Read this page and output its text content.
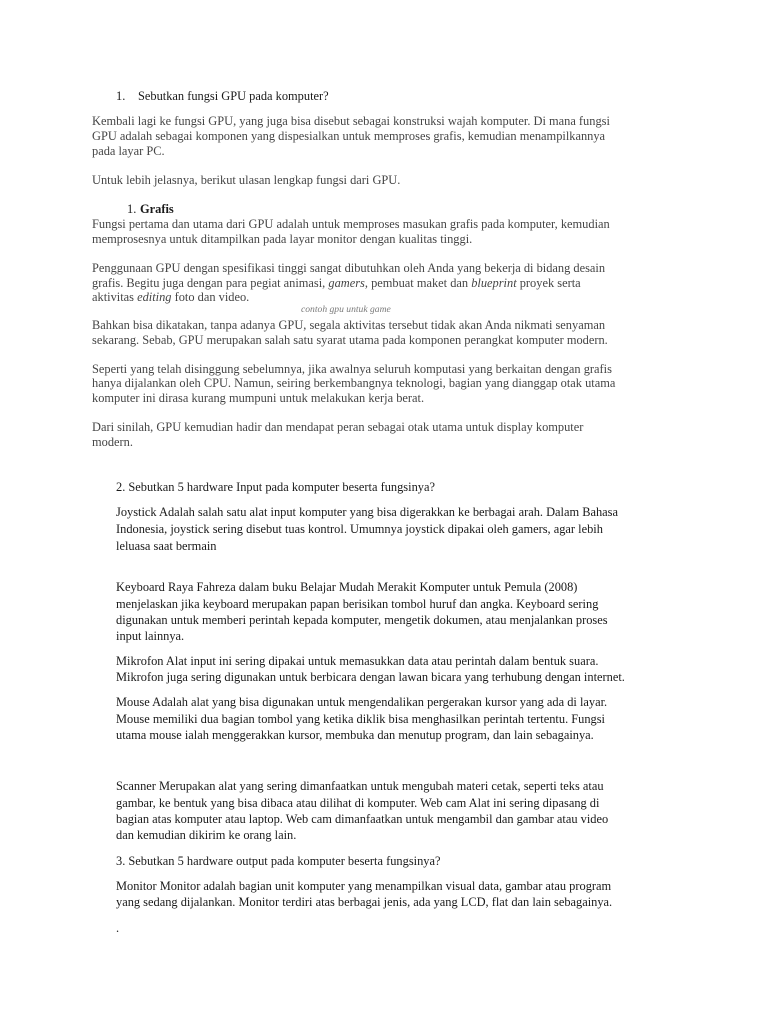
1. Sebutkan fungsi GPU pada komputer?
Kembali lagi ke fungsi GPU, yang juga bisa disebut sebagai konstruksi wajah komputer. Di mana fungsi
GPU adalah sebagai komponen yang dispesialkan untuk memproses grafis, kemudian menampilkannya
pada layar PC.
Untuk lebih jelasnya, berikut ulasan lengkap fungsi dari GPU.
1. Grafis
Fungsi pertama dan utama dari GPU adalah untuk memproses masukan grafis pada komputer, kemudian
memprosesnya untuk ditampilkan pada layar monitor dengan kualitas tinggi.
Penggunaan GPU dengan spesifikasi tinggi sangat dibutuhkan oleh Anda yang bekerja di bidang desain
grafis. Begitu juga dengan para pegiat animasi, gamers, pembuat maket dan blueprint proyek serta
aktivitas editing foto dan video.
contoh gpu untuk game
Bahkan bisa dikatakan, tanpa adanya GPU, segala aktivitas tersebut tidak akan Anda nikmati senyaman
sekarang. Sebab, GPU merupakan salah satu syarat utama pada komponen perangkat komputer modern.
Seperti yang telah disinggung sebelumnya, jika awalnya seluruh komputasi yang berkaitan dengan grafis
hanya dijalankan oleh CPU. Namun, seiring berkembangnya teknologi, bagian yang dianggap otak utama
komputer ini dirasa kurang mumpuni untuk melakukan kerja berat.
Dari sinilah, GPU kemudian hadir dan mendapat peran sebagai otak utama untuk display komputer
modern.
2. Sebutkan 5 hardware Input pada komputer beserta fungsinya?
Joystick Adalah salah satu alat input komputer yang bisa digerakkan ke berbagai arah. Dalam Bahasa
Indonesia, joystick sering disebut tuas kontrol. Umumnya joystick dipakai oleh gamers, agar lebih
leluasa saat bermain
Keyboard Raya Fahreza dalam buku Belajar Mudah Merakit Komputer untuk Pemula (2008)
menjelaskan jika keyboard merupakan papan berisikan tombol huruf dan angka. Keyboard sering
digunakan untuk memberi perintah kepada komputer, mengetik dokumen, atau menjalankan proses
input lainnya.
Mikrofon Alat input ini sering dipakai untuk memasukkan data atau perintah dalam bentuk suara.
Mikrofon juga sering digunakan untuk berbicara dengan lawan bicara yang terhubung dengan internet.
Mouse Adalah alat yang bisa digunakan untuk mengendalikan pergerakan kursor yang ada di layar.
Mouse memiliki dua bagian tombol yang ketika diklik bisa menghasilkan perintah tertentu. Fungsi
utama mouse ialah menggerakkan kursor, membuka dan menutup program, dan lain sebagainya.
Scanner Merupakan alat yang sering dimanfaatkan untuk mengubah materi cetak, seperti teks atau
gambar, ke bentuk yang bisa dibaca atau dilihat di komputer. Web cam Alat ini sering dipasang di
bagian atas komputer atau laptop. Web cam dimanfaatkan untuk mengambil dan gambar atau video
dan kemudian dikirim ke orang lain.
3. Sebutkan 5 hardware output pada komputer beserta fungsinya?
Monitor Monitor adalah bagian unit komputer yang menampilkan visual data, gambar atau program
yang sedang dijalankan. Monitor terdiri atas berbagai jenis, ada yang LCD, flat dan lain sebagainya.
.
